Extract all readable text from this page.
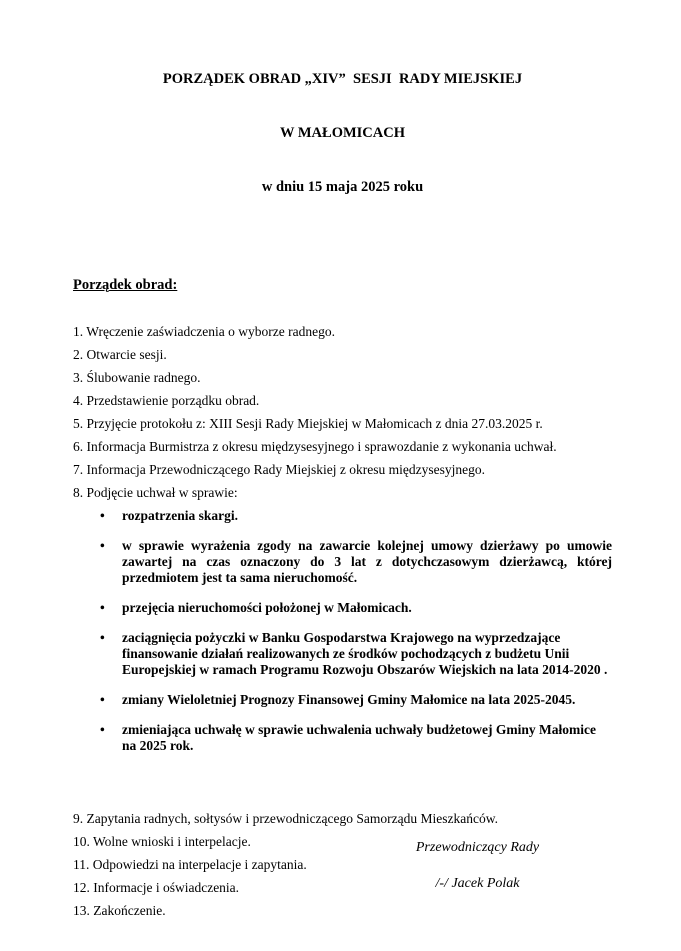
PORZĄDEK OBRAD „XIV”  SESJI  RADY MIEJSKIEJ

W MAŁOMICACH

w dniu 15 maja 2025 roku

Porządek obrad:
1. Wręczenie zaświadczenia o wyborze radnego.
2. Otwarcie sesji.
3. Ślubowanie radnego.
4. Przedstawienie porządku obrad.
5. Przyjęcie protokołu z: XIII Sesji Rady Miejskiej w Małomicach z dnia 27.03.2025 r.
6. Informacja Burmistrza z okresu międzysesyjnego i sprawozdanie z wykonania uchwał.
7. Informacja Przewodniczącego Rady Miejskiej z okresu międzysesyjnego.
8. Podjęcie uchwał w sprawie:
•	rozpatrzenia skargi.
•	w sprawie wyrażenia zgody na zawarcie kolejnej umowy dzierżawy po umowie zawartej na czas oznaczony do 3 lat z dotychczasowym dzierżawcą, której przedmiotem jest ta sama nieruchomość.
•	przejęcia nieruchomości położonej w Małomicach.
•	zaciągnięcia pożyczki w Banku Gospodarstwa Krajowego na wyprzedzające finansowanie działań realizowanych ze środków pochodzących z budżetu Unii Europejskiej w ramach Programu Rozwoju Obszarów Wiejskich na lata 2014-2020 .
•	zmiany Wieloletniej Prognozy Finansowej Gminy Małomice na lata 2025-2045.
•	zmieniająca uchwałę w sprawie uchwalenia uchwały budżetowej Gminy Małomice na 2025 rok.
9. Zapytania radnych, sołtysów i przewodniczącego Samorządu Mieszkańców.
10. Wolne wnioski i interpelacje.
11. Odpowiedzi na interpelacje i zapytania.
12. Informacje i oświadczenia.
13. Zakończenie.
Przewodniczący Rady
/-/ Jacek Polak
